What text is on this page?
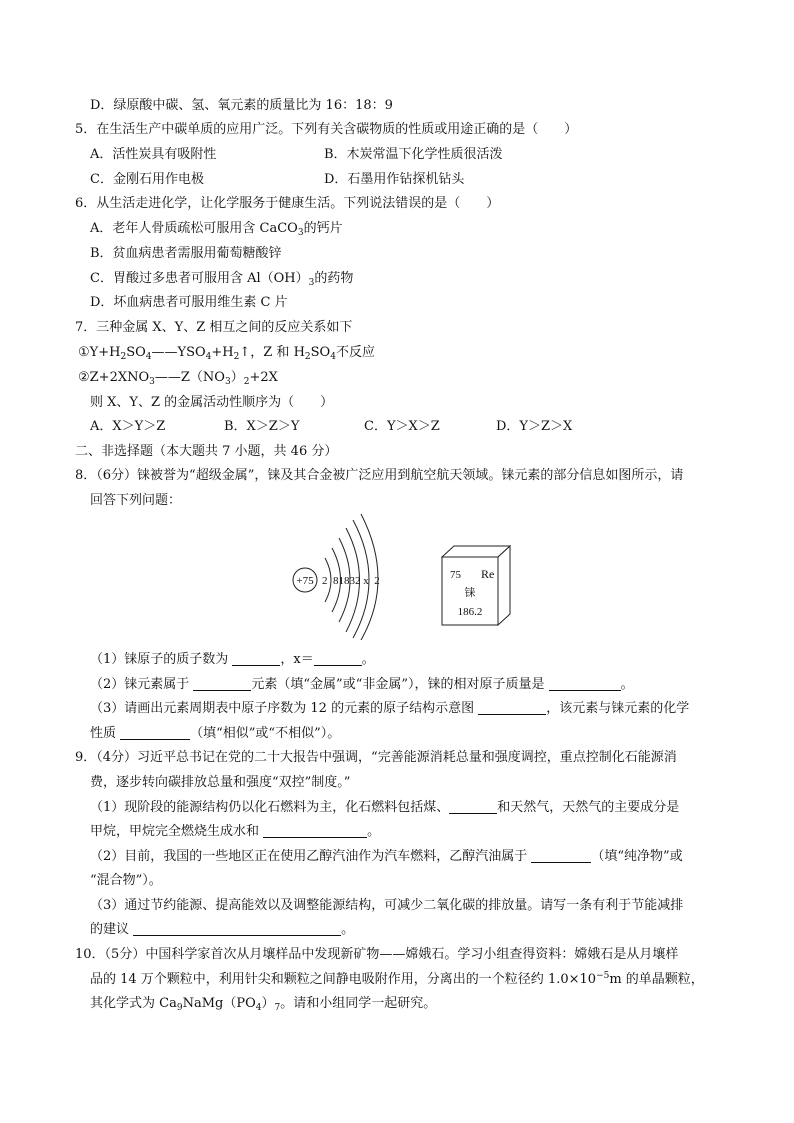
D．绿原酸中碳、氢、氧元素的质量比为 16：18：9
5．在生活生产中碳单质的应用广泛。下列有关含碳物质的性质或用途正确的是（　　）
A．活性炭具有吸附性	B．木炭常温下化学性质很活泼
C．金刚石用作电极	D．石墨用作钻探机钻头
6．从生活走进化学，让化学服务于健康生活。下列说法错误的是（　　）
A．老年人骨质疏松可服用含 CaCO$_3$的钙片
B．贫血病患者需服用葡萄糖酸锌
C．胃酸过多患者可服用含 $Al(OH)_3$的药物
D．坏血病患者可服用维生素 C 片
7．三种金属 X、Y、Z 相互之间的反应关系如下
$①Y+H_2SO_4——YSO_4+H_2↑$，Z 和 $H_2SO_4$不反应
$②Z+2XNO_3——Z(NO_3)_2+2X$
则 X、Y、Z 的金属活动性顺序为（　　）
A．X＞Y＞Z	B．X＞Z＞Y	C．Y＞X＞Z	D．Y＞Z＞X
二、非选择题（本大题共 7 小题，共 46 分）
8．（6分）铼被誉为“超级金属”，铼及其合金被广泛应用到航空航天领域。铼元素的部分信息如图所示，请
回答下列问题：
+75 2  81832 x  2	75 Re
铼
186.2
（1）铼原子的质子数为	，x＝	。
（2）铼元素属于	元素（填“金属”或“非金属”），铼的相对原子质量是	。
（3）请画出元素周期表中原子序数为 12 的元素的原子结构示意图	，该元素与铼元素的化学
性质	（填“相似”或“不相似”）。
9．（4分）习近平总书记在党的二十大报告中强调，“完善能源消耗总量和强度调控，重点控制化石能源消
费，逐步转向碳排放总量和强度“双控”制度。”
（1）现阶段的能源结构仍以化石燃料为主，化石燃料包括煤、	和天然气，天然气的主要成分是
甲烷，甲烷完全燃烧生成水和	。
（2）目前，我国的一些地区正在使用乙醇汽油作为汽车燃料，乙醇汽油属于	（填“纯净物”或
“混合物”）。
（3）通过节约能源、提高能效以及调整能源结构，可减少二氧化碳的排放量。请写一条有利于节能减排
的建议	。
10．（5分）中国科学家首次从月壤样品中发现新矿物——嫦娥石。学习小组查得资料：嫦娥石是从月壤样
品的 14 万个颗粒中，利用针尖和颗粒之间静电吸附作用，分离出的一个粒径约 $1.0\times 10^{-5}m$ 的单晶颗粒，
其化学式为 $Ca_9NaMg(PO_4)_7$。请和小组同学一起研究。
